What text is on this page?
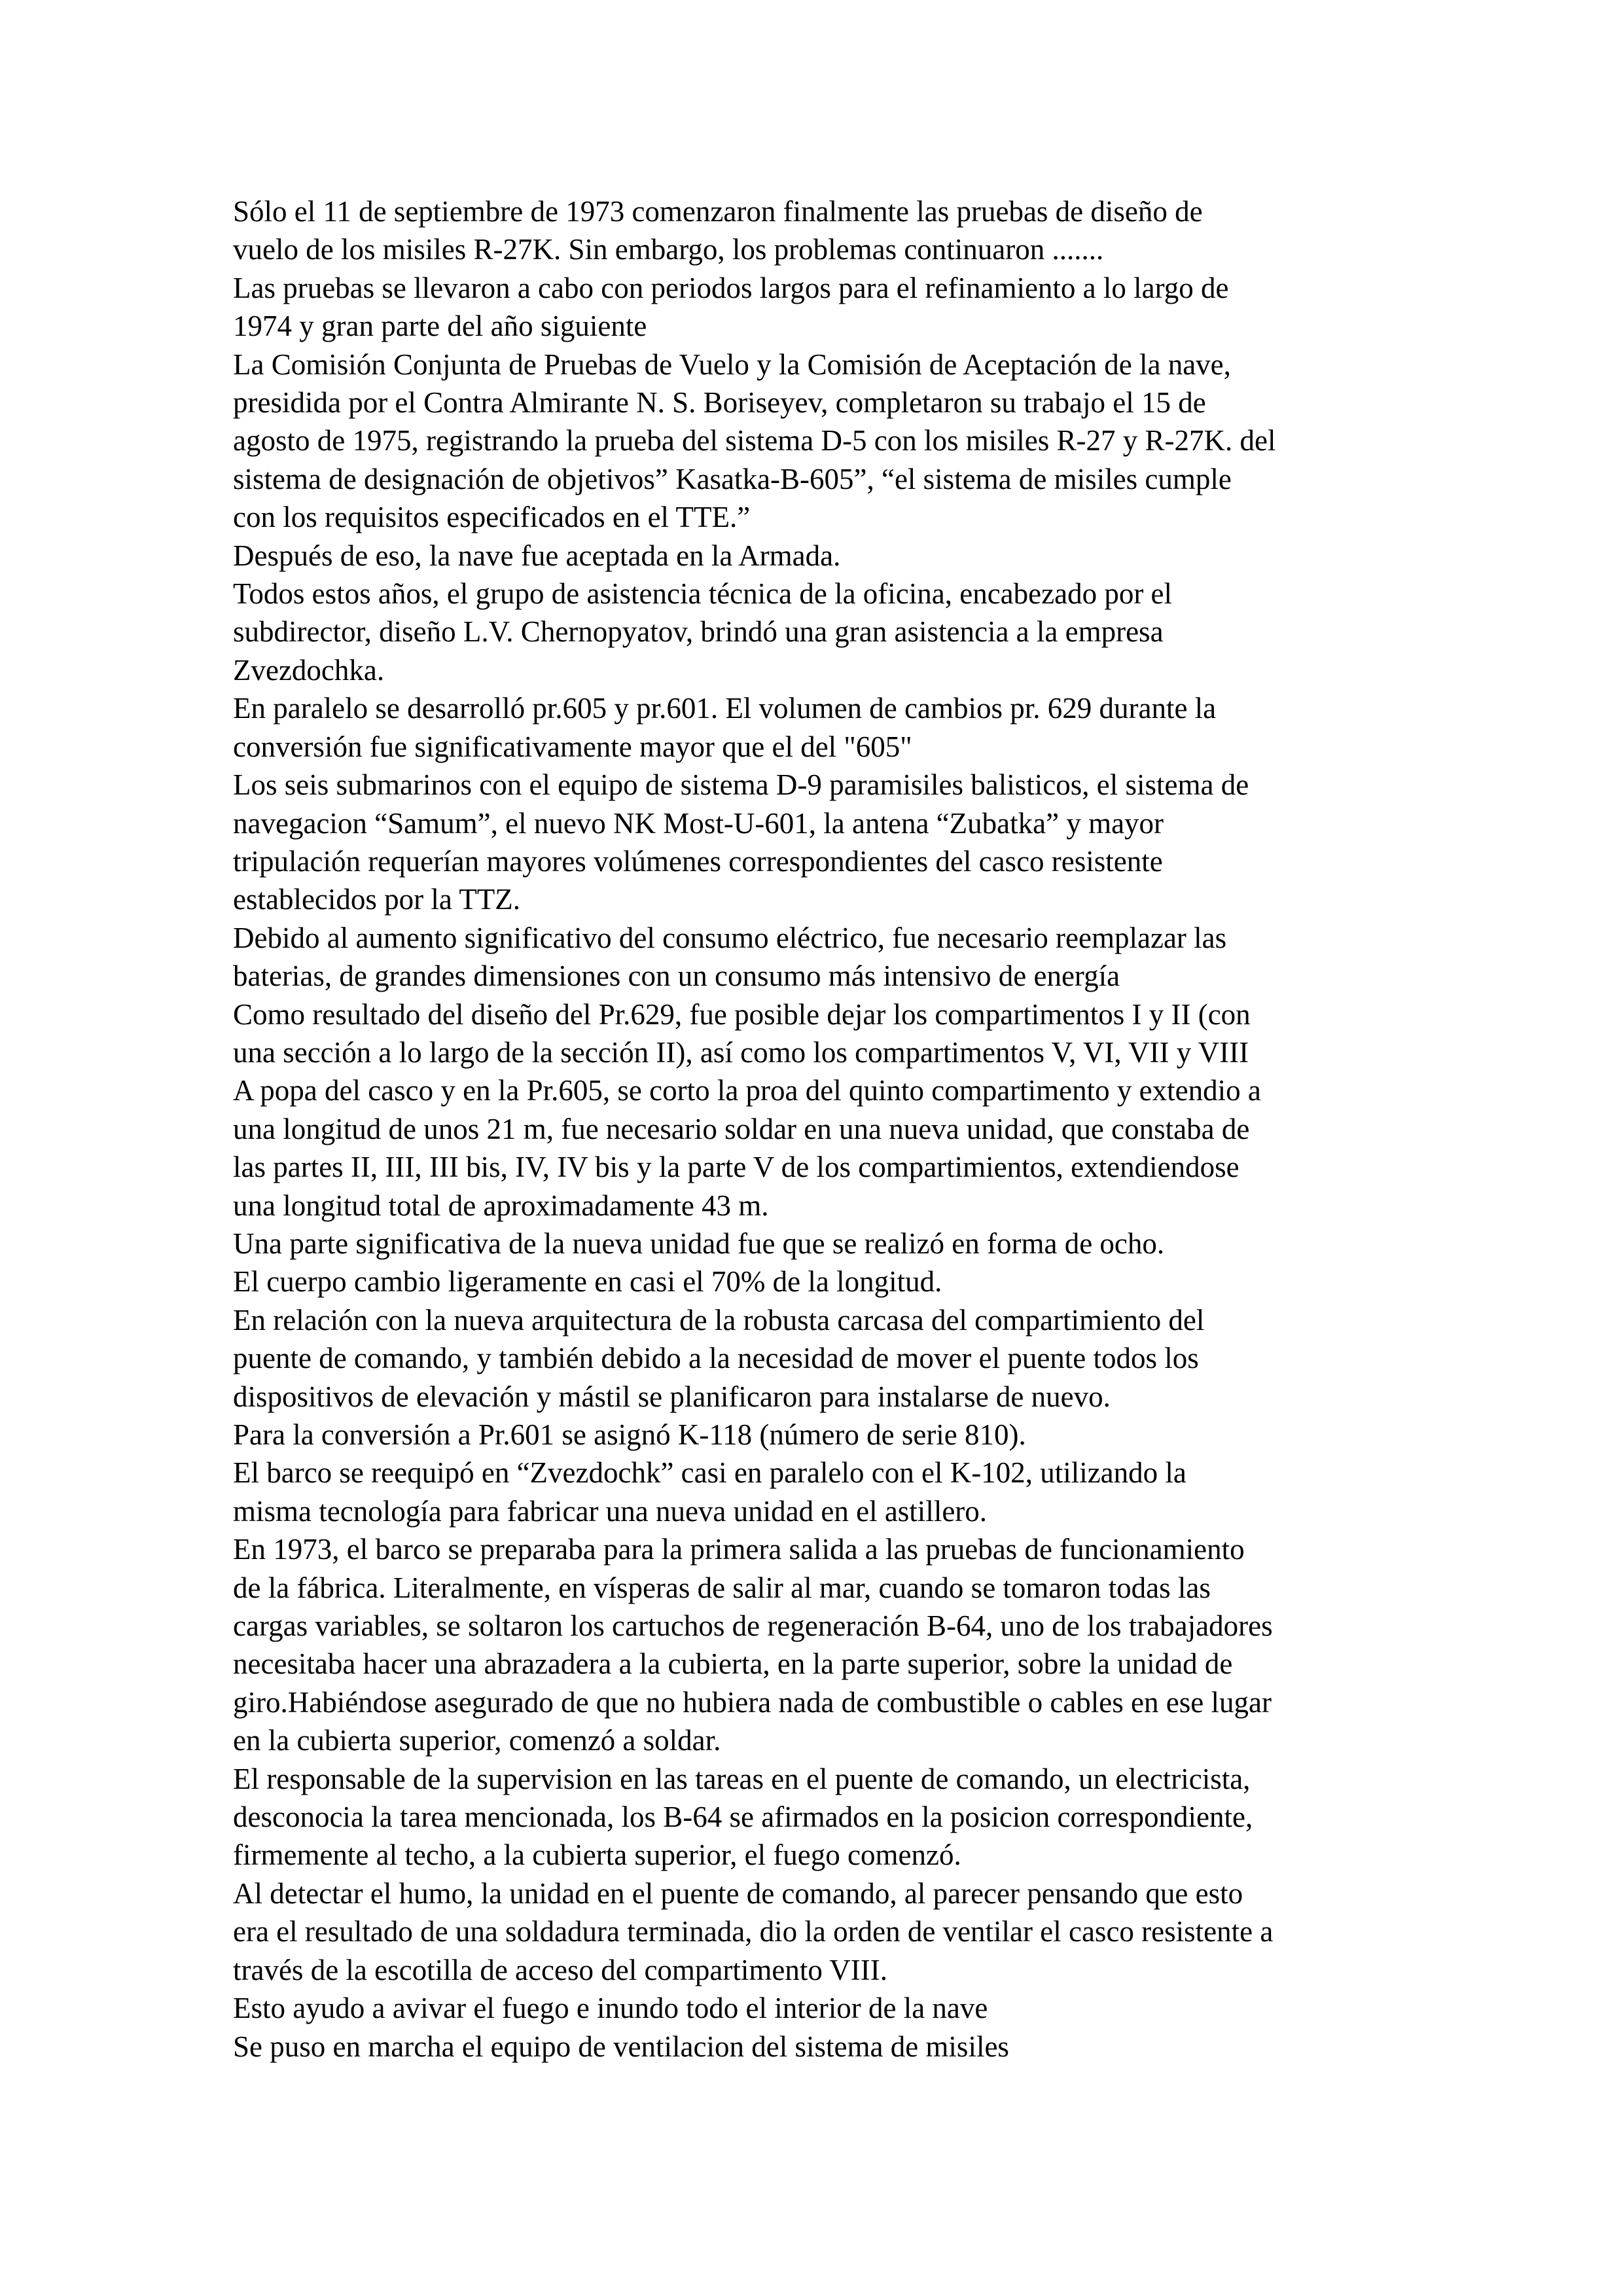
Sólo el 11 de septiembre de 1973 comenzaron finalmente las pruebas de diseño de
vuelo de los misiles R-27K. Sin embargo, los problemas continuaron .......
Las pruebas se llevaron a cabo con periodos largos para el refinamiento a lo largo de
1974 y gran parte del año siguiente
La Comisión Conjunta de Pruebas de Vuelo y la Comisión de Aceptación de la nave,
presidida por el Contra Almirante N. S. Boriseyev, completaron su trabajo el 15 de
agosto de 1975, registrando la prueba del sistema D-5 con los misiles R-27 y R-27K. del
sistema de designación de objetivos” Kasatka-B-605”, “el sistema de misiles cumple
con los requisitos especificados en el TTE.”
Después de eso, la nave fue aceptada en la Armada.
Todos estos años, el grupo de asistencia técnica de la oficina, encabezado por el
subdirector, diseño L.V. Chernopyatov, brindó una gran asistencia a la empresa
Zvezdochka.
En paralelo se desarrolló pr.605 y pr.601. El volumen de cambios pr. 629 durante la
conversión fue significativamente mayor que el del "605"
Los seis submarinos con el equipo de sistema D-9 paramisiles balisticos, el sistema de
navegacion “Samum”, el nuevo NK Most-U-601, la antena “Zubatka” y mayor
tripulación requerían mayores volúmenes correspondientes del casco resistente
establecidos por la TTZ.
Debido al aumento significativo del consumo eléctrico, fue necesario reemplazar las
baterias, de grandes dimensiones con un consumo más intensivo de energía
Como resultado del diseño del Pr.629, fue posible dejar los compartimentos I y II (con
una sección a lo largo de la sección II), así como los compartimentos V, VI, VII y VIII
A popa del casco y en la Pr.605, se corto la proa del quinto compartimento y extendio a
una longitud de unos 21 m, fue necesario soldar en una nueva unidad, que constaba de
las partes II, III, III bis, IV, IV bis y la parte V de los compartimientos, extendiendose
una longitud total de aproximadamente 43 m.
Una parte significativa de la nueva unidad fue que se realizó en forma de ocho.
El cuerpo cambio ligeramente en casi el 70% de la longitud.
En relación con la nueva arquitectura de la robusta carcasa del compartimiento del
puente de comando, y también debido a la necesidad de mover el puente todos los
dispositivos de elevación y mástil se planificaron para instalarse de nuevo.
Para la conversión a Pr.601 se asignó K-118 (número de serie 810).
El barco se reequipó en “Zvezdochk” casi en paralelo con el K-102, utilizando la
misma tecnología para fabricar una nueva unidad en el astillero.
En 1973, el barco se preparaba para la primera salida a las pruebas de funcionamiento
de la fábrica. Literalmente, en vísperas de salir al mar, cuando se tomaron todas las
cargas variables, se soltaron los cartuchos de regeneración B-64, uno de los trabajadores
necesitaba hacer una abrazadera a la cubierta, en la parte superior, sobre la unidad de
giro.Habiéndose asegurado de que no hubiera nada de combustible o cables en ese lugar
en la cubierta superior, comenzó a soldar.
El responsable de la supervision en las tareas en el puente de comando, un electricista,
desconocia la tarea mencionada, los B-64 se afirmados en la posicion correspondiente,
firmemente al techo, a la cubierta superior, el fuego comenzó.
Al detectar el humo, la unidad en el puente de comando, al parecer pensando que esto
era el resultado de una soldadura terminada, dio la orden de ventilar el casco resistente a
través de la escotilla de acceso del compartimento VIII.
Esto ayudo a avivar el fuego e inundo todo el interior de la nave
Se puso en marcha el equipo de ventilacion del sistema de misiles
